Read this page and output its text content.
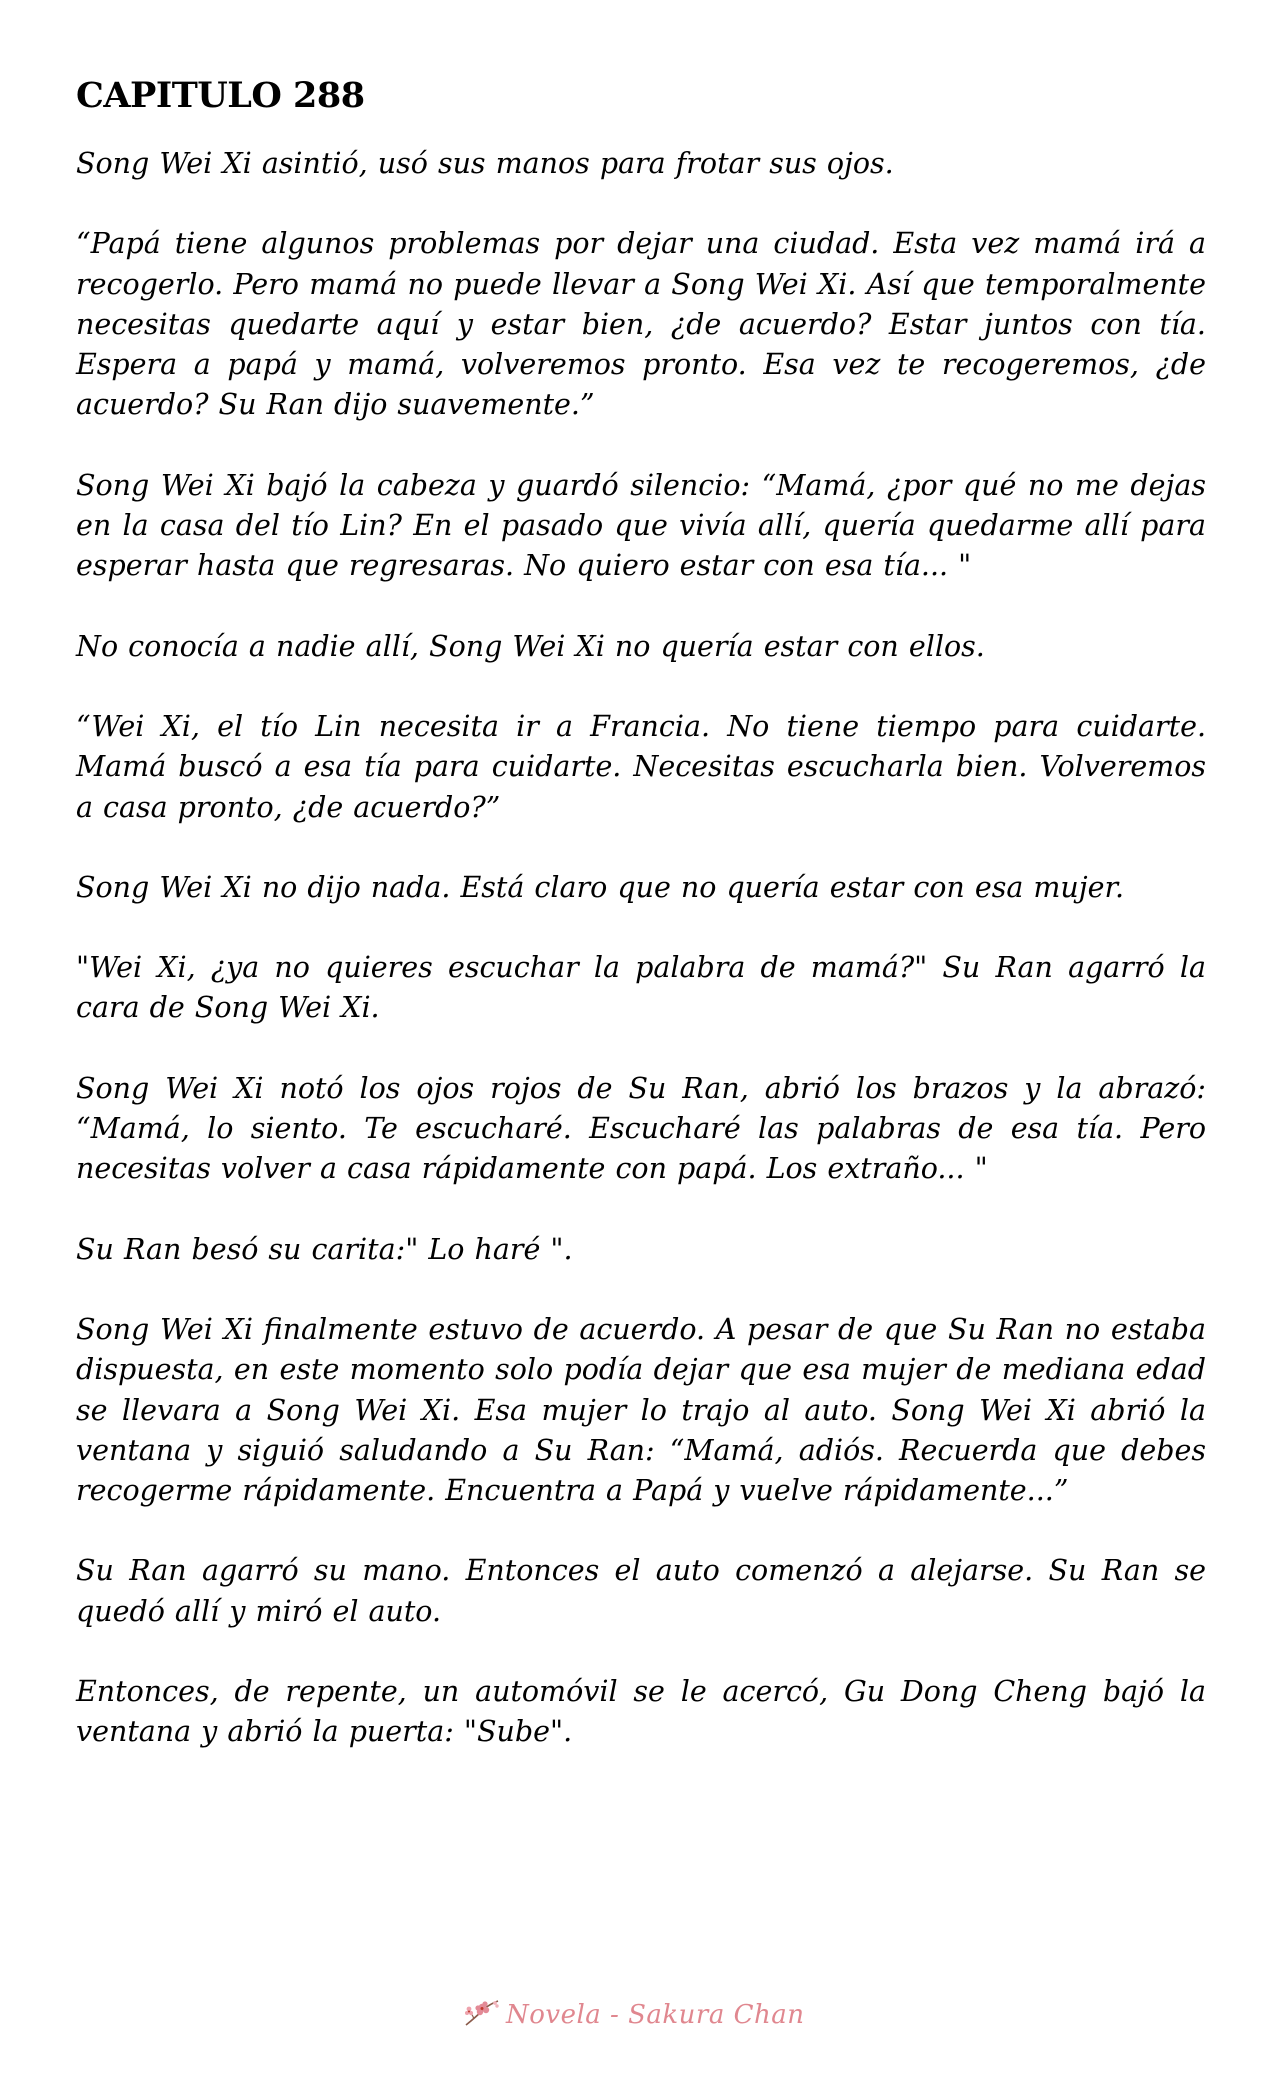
CAPITULO 288

Song Wei Xi asintió, usó sus manos para frotar sus ojos.

“Papá tiene algunos problemas por dejar una ciudad. Esta vez mamá irá a recogerlo. Pero mamá no puede llevar a Song Wei Xi. Así que temporalmente necesitas quedarte aquí y estar bien, ¿de acuerdo? Estar juntos con tía. Espera a papá y mamá, volveremos pronto. Esa vez te recogeremos, ¿de acuerdo? Su Ran dijo suavemente.”

Song Wei Xi bajó la cabeza y guardó silencio: “Mamá, ¿por qué no me dejas en la casa del tío Lin? En el pasado que vivía allí, quería quedarme allí para esperar hasta que regresaras. No quiero estar con esa tía... "

No conocía a nadie allí, Song Wei Xi no quería estar con ellos.

“Wei Xi, el tío Lin necesita ir a Francia. No tiene tiempo para cuidarte. Mamá buscó a esa tía para cuidarte. Necesitas escucharla bien. Volveremos a casa pronto, ¿de acuerdo?”

Song Wei Xi no dijo nada. Está claro que no quería estar con esa mujer.

"Wei Xi, ¿ya no quieres escuchar la palabra de mamá?" Su Ran agarró la cara de Song Wei Xi.

Song Wei Xi notó los ojos rojos de Su Ran, abrió los brazos y la abrazó: “Mamá, lo siento. Te escucharé. Escucharé las palabras de esa tía. Pero necesitas volver a casa rápidamente con papá. Los extraño... "

Su Ran besó su carita:" Lo haré ".

Song Wei Xi finalmente estuvo de acuerdo. A pesar de que Su Ran no estaba dispuesta, en este momento solo podía dejar que esa mujer de mediana edad se llevara a Song Wei Xi. Esa mujer lo trajo al auto. Song Wei Xi abrió la ventana y siguió saludando a Su Ran: “Mamá, adiós. Recuerda que debes recogerme rápidamente. Encuentra a Papá y vuelve rápidamente...”

Su Ran agarró su mano. Entonces el auto comenzó a alejarse. Su Ran se quedó allí y miró el auto.

Entonces, de repente, un automóvil se le acercó, Gu Dong Cheng bajó la ventana y abrió la puerta: "Sube".

Novela - Sakura Chan
